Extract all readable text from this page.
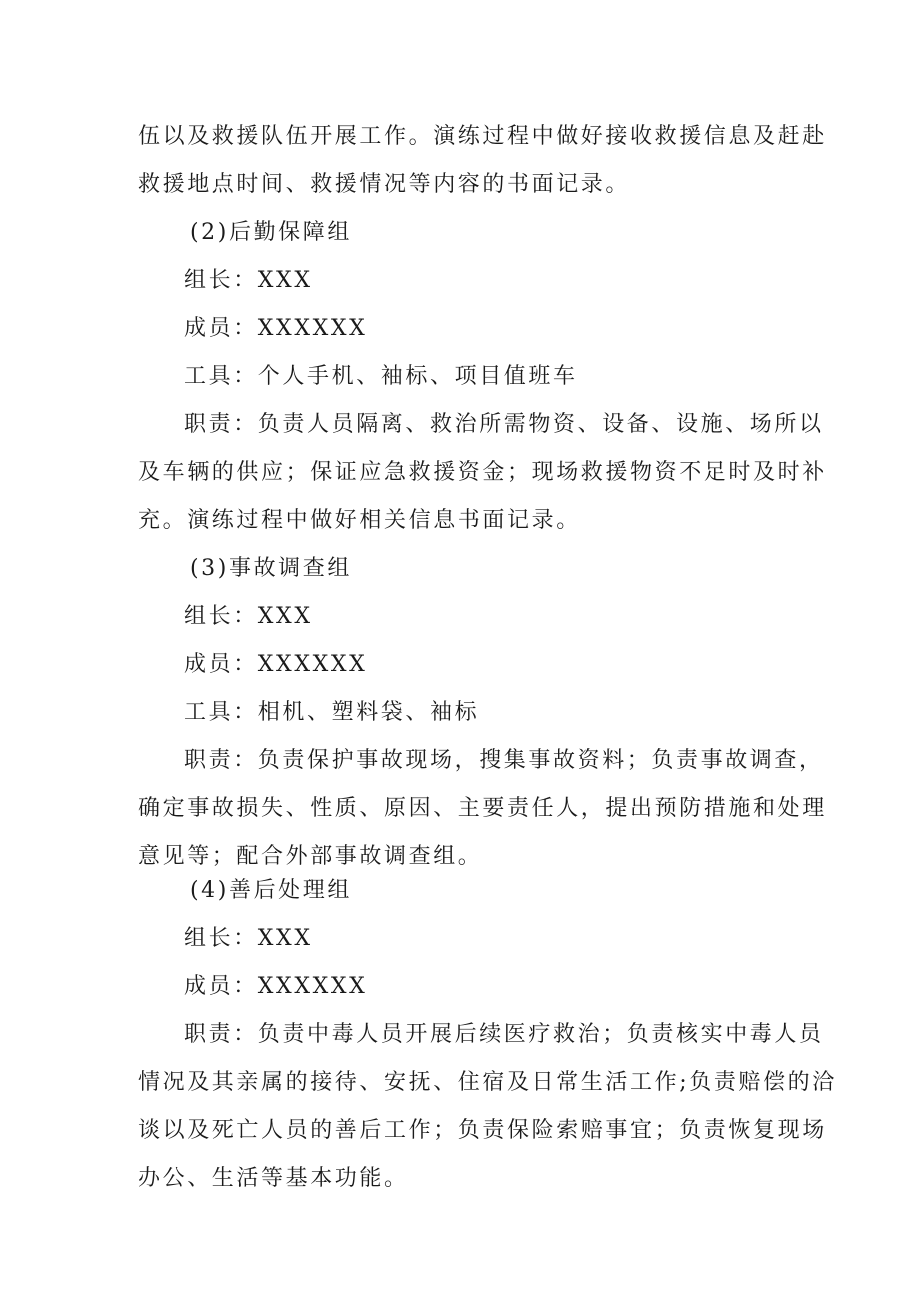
伍以及救援队伍开展工作。演练过程中做好接收救援信息及赶赴
救援地点时间、救援情况等内容的书面记录。
(2)后勤保障组
组长：XXX
成员：XXXXXX
工具：个人手机、袖标、项目值班车
职责：负责人员隔离、救治所需物资、设备、设施、场所以
及车辆的供应；保证应急救援资金；现场救援物资不足时及时补
充。演练过程中做好相关信息书面记录。
(3)事故调查组
组长：XXX
成员：XXXXXX
工具：相机、塑料袋、袖标
职责：负责保护事故现场，搜集事故资料；负责事故调查，
确定事故损失、性质、原因、主要责任人，提出预防措施和处理
意见等；配合外部事故调查组。
(4)善后处理组
组长：XXX
成员：XXXXXX
职责：负责中毒人员开展后续医疗救治；负责核实中毒人员
情况及其亲属的接待、安抚、住宿及日常生活工作;负责赔偿的洽
谈以及死亡人员的善后工作；负责保险索赔事宜；负责恢复现场
办公、生活等基本功能。
